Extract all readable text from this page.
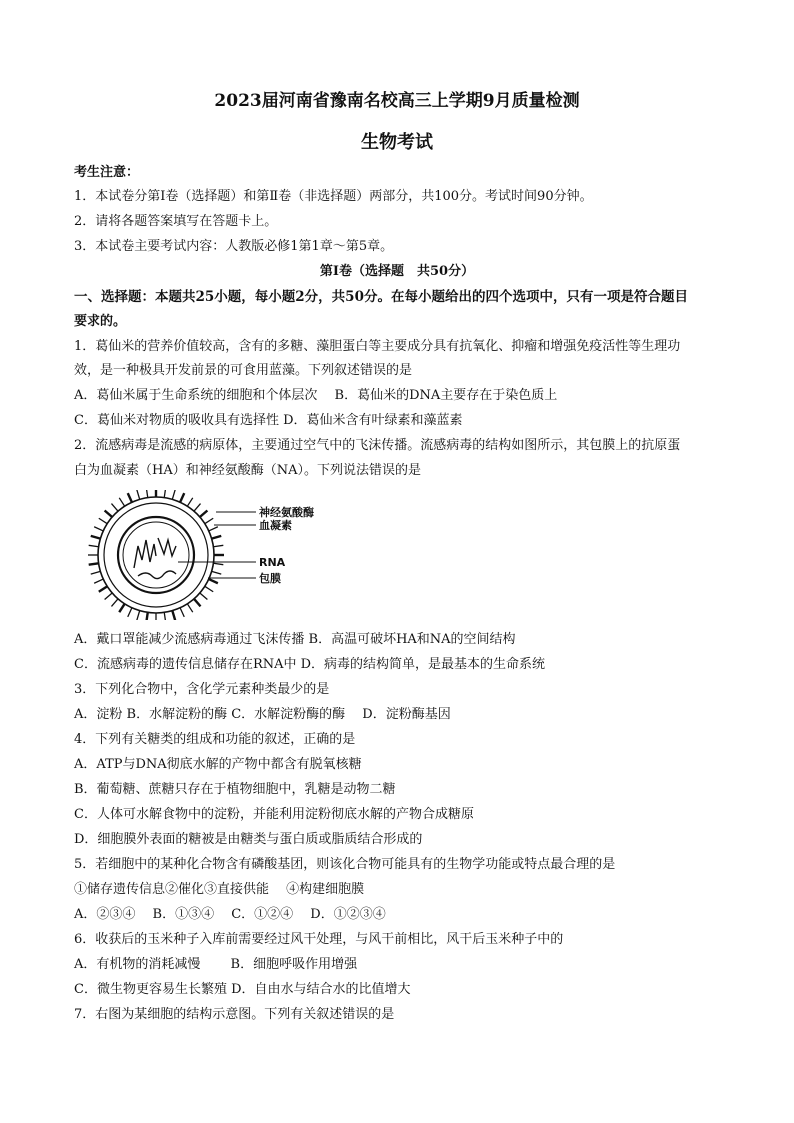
2023届河南省豫南名校高三上学期9月质量检测
生物考试
考生注意：
1．本试卷分第Ⅰ卷（选择题）和第Ⅱ卷（非选择题）两部分，共100分。考试时间90分钟。
2．请将各题答案填写在答题卡上。
3．本试卷主要考试内容：人教版必修1第1章～第5章。
第Ⅰ卷（选择题　共50分）
一、选择题：本题共25小题，每小题2分，共50分。在每小题给出的四个选项中，只有一项是符合题目
要求的。
1．葛仙米的营养价值较高，含有的多糖、藻胆蛋白等主要成分具有抗氧化、抑瘤和增强免疫活性等生理功
效，是一种极具开发前景的可食用蓝藻。下列叙述错误的是
A．葛仙米属于生命系统的细胞和个体层次　 B．葛仙米的DNA主要存在于染色质上
C．葛仙米对物质的吸收具有选择性 D．葛仙米含有叶绿素和藻蓝素
2．流感病毒是流感的病原体，主要通过空气中的飞沫传播。流感病毒的结构如图所示，其包膜上的抗原蛋
白为血凝素（HA）和神经氨酸酶（NA）。下列说法错误的是
神经氨酸酶
血凝素
RNA
包膜
A．戴口罩能减少流感病毒通过飞沫传播 B．高温可破坏HA和NA的空间结构
C．流感病毒的遗传信息储存在RNA中 D．病毒的结构简单，是最基本的生命系统
3．下列化合物中，含化学元素种类最少的是
A．淀粉 B．水解淀粉的酶 C．水解淀粉酶的酶　 D．淀粉酶基因
4．下列有关糖类的组成和功能的叙述，正确的是
A．ATP与DNA彻底水解的产物中都含有脱氧核糖
B．葡萄糖、蔗糖只存在于植物细胞中，乳糖是动物二糖
C．人体可水解食物中的淀粉，并能利用淀粉彻底水解的产物合成糖原
D．细胞膜外表面的糖被是由糖类与蛋白质或脂质结合形成的
5．若细胞中的某种化合物含有磷酸基团，则该化合物可能具有的生物学功能或特点最合理的是
①储存遗传信息②催化③直接供能　 ④构建细胞膜
A．②③④　 B．①③④　 C．①②④　 D．①②③④
6．收获后的玉米种子入库前需要经过风干处理，与风干前相比，风干后玉米种子中的
A．有机物的消耗减慢　　 B．细胞呼吸作用增强
C．微生物更容易生长繁殖 D．自由水与结合水的比值增大
7．右图为某细胞的结构示意图。下列有关叙述错误的是
